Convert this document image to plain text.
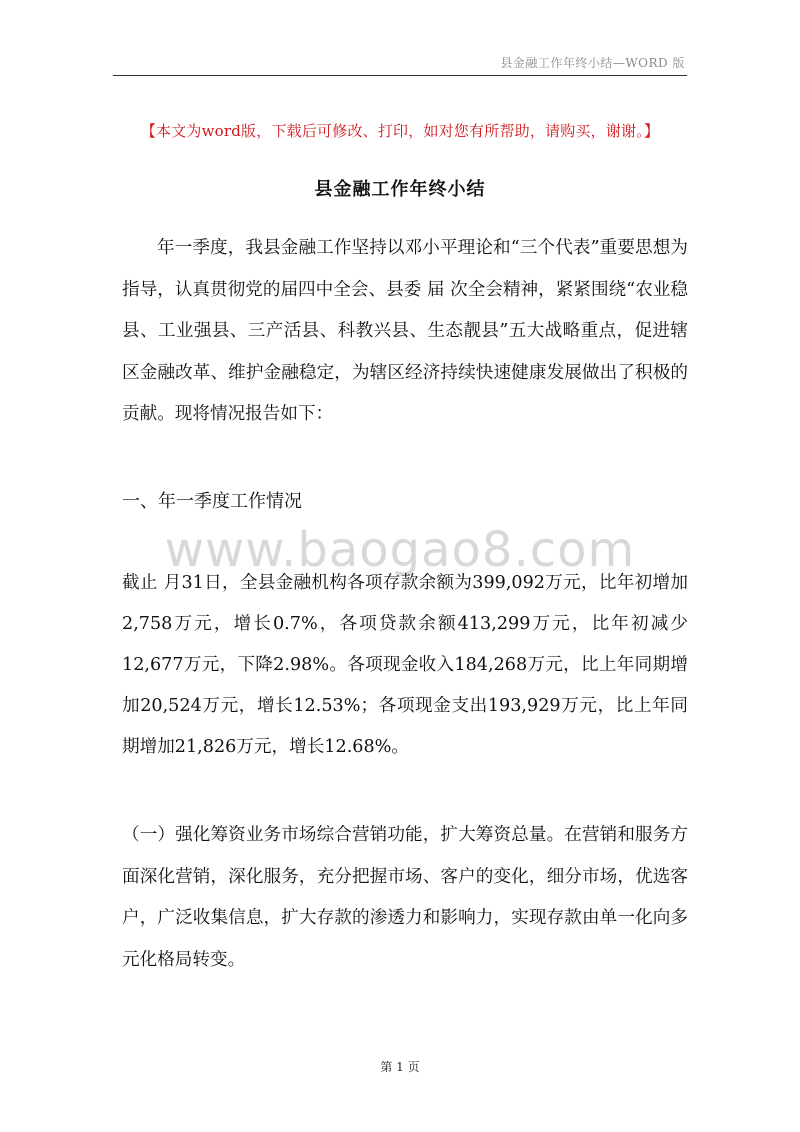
县金融工作年终小结—WORD 版
【本文为word版，下载后可修改、打印，如对您有所帮助，请购买，谢谢。】
县金融工作年终小结

年一季度，我县金融工作坚持以邓小平理论和“三个代表”重要思想为指导，认真贯彻党的届四中全会、县委 届 次全会精神，紧紧围绕“农业稳县、工业强县、三产活县、科教兴县、生态靓县”五大战略重点，促进辖区金融改革、维护金融稳定，为辖区经济持续快速健康发展做出了积极的贡献。现将情况报告如下：

一、年一季度工作情况

www.baogao8.com

截止 月31日，全县金融机构各项存款余额为399,092万元，比年初增加2,758万元，增长0.7%，各项贷款余额413,299万元，比年初减少12,677万元，下降2.98%。各项现金收入184,268万元，比上年同期增加20,524万元，增长12.53%；各项现金支出193,929万元，比上年同期增加21,826万元，增长12.68%。

（一）强化筹资业务市场综合营销功能，扩大筹资总量。在营销和服务方面深化营销，深化服务，充分把握市场、客户的变化，细分市场，优选客户，广泛收集信息，扩大存款的渗透力和影响力，实现存款由单一化向多元化格局转变。

第 1 页
